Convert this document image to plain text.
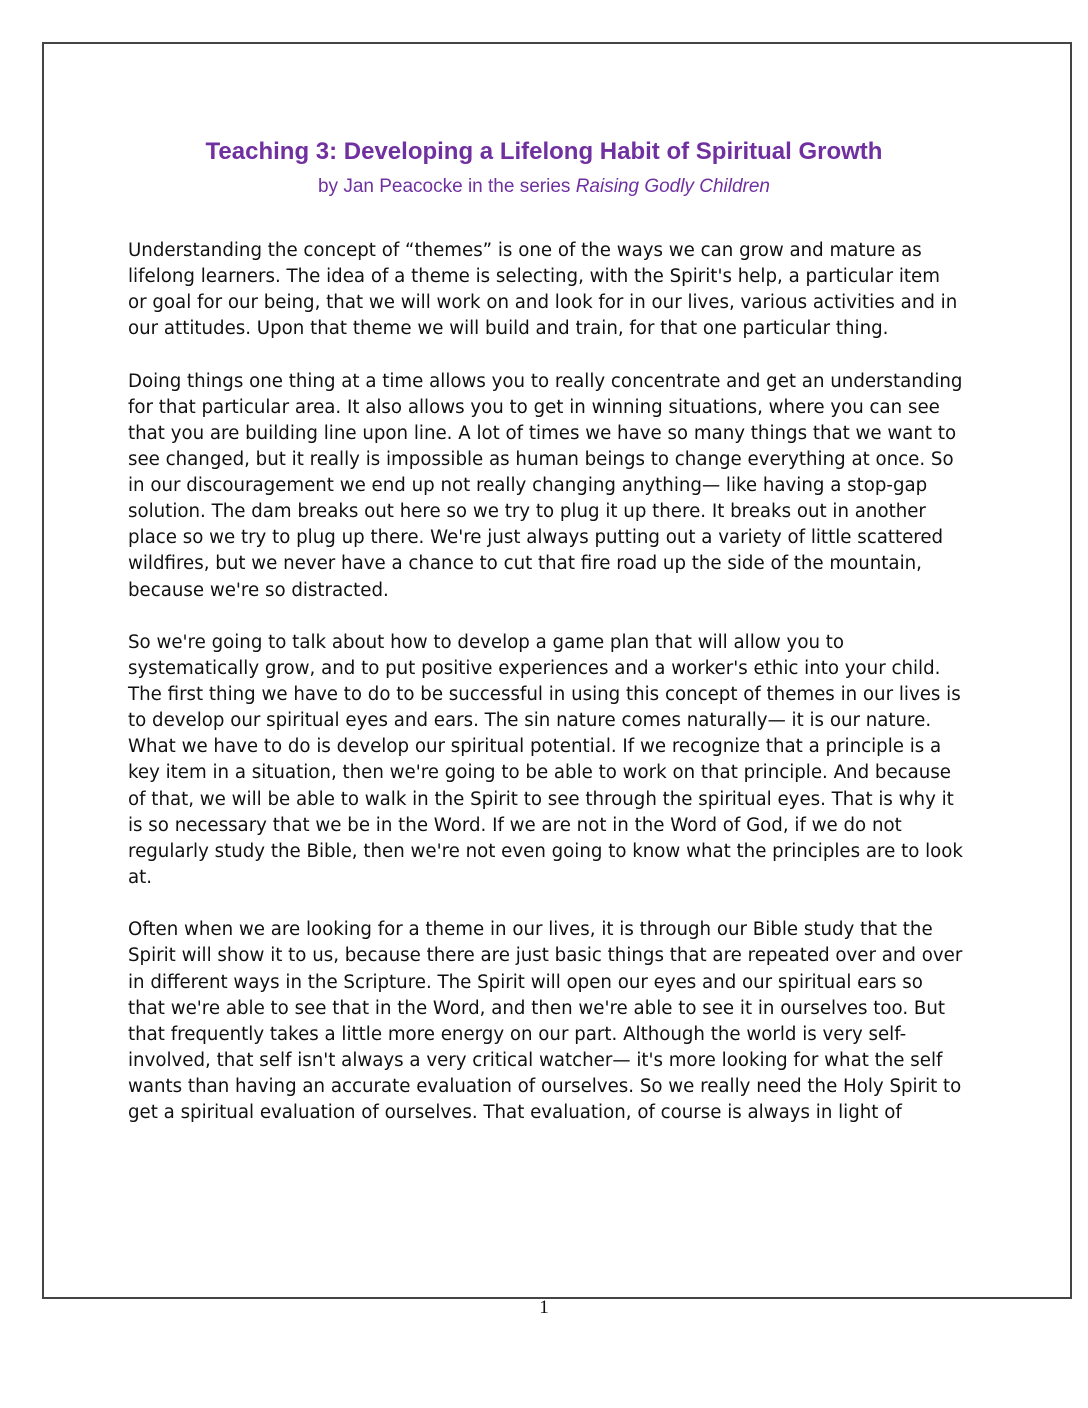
Teaching 3: Developing a Lifelong Habit of Spiritual Growth

by Jan Peacocke in the series Raising Godly Children

Understanding the concept of “themes” is one of the ways we can grow and mature as lifelong learners. The idea of a theme is selecting, with the Spirit's help, a particular item or goal for our being, that we will work on and look for in our lives, various activities and in our attitudes. Upon that theme we will build and train, for that one particular thing.

Doing things one thing at a time allows you to really concentrate and get an understanding for that particular area. It also allows you to get in winning situations, where you can see that you are building line upon line. A lot of times we have so many things that we want to see changed, but it really is impossible as human beings to change everything at once. So in our discouragement we end up not really changing anything— like having a stop-gap solution. The dam breaks out here so we try to plug it up there. It breaks out in another place so we try to plug up there. We're just always putting out a variety of little scattered wildfires, but we never have a chance to cut that fire road up the side of the mountain, because we're so distracted.

So we're going to talk about how to develop a game plan that will allow you to systematically grow, and to put positive experiences and a worker's ethic into your child. The first thing we have to do to be successful in using this concept of themes in our lives is to develop our spiritual eyes and ears. The sin nature comes naturally— it is our nature. What we have to do is develop our spiritual potential. If we recognize that a principle is a key item in a situation, then we're going to be able to work on that principle. And because of that, we will be able to walk in the Spirit to see through the spiritual eyes. That is why it is so necessary that we be in the Word. If we are not in the Word of God, if we do not regularly study the Bible, then we're not even going to know what the principles are to look at.

Often when we are looking for a theme in our lives, it is through our Bible study that the Spirit will show it to us, because there are just basic things that are repeated over and over in different ways in the Scripture. The Spirit will open our eyes and our spiritual ears so that we're able to see that in the Word, and then we're able to see it in ourselves too. But that frequently takes a little more energy on our part. Although the world is very self-involved, that self isn't always a very critical watcher— it's more looking for what the self wants than having an accurate evaluation of ourselves. So we really need the Holy Spirit to get a spiritual evaluation of ourselves. That evaluation, of course is always in light of

1
